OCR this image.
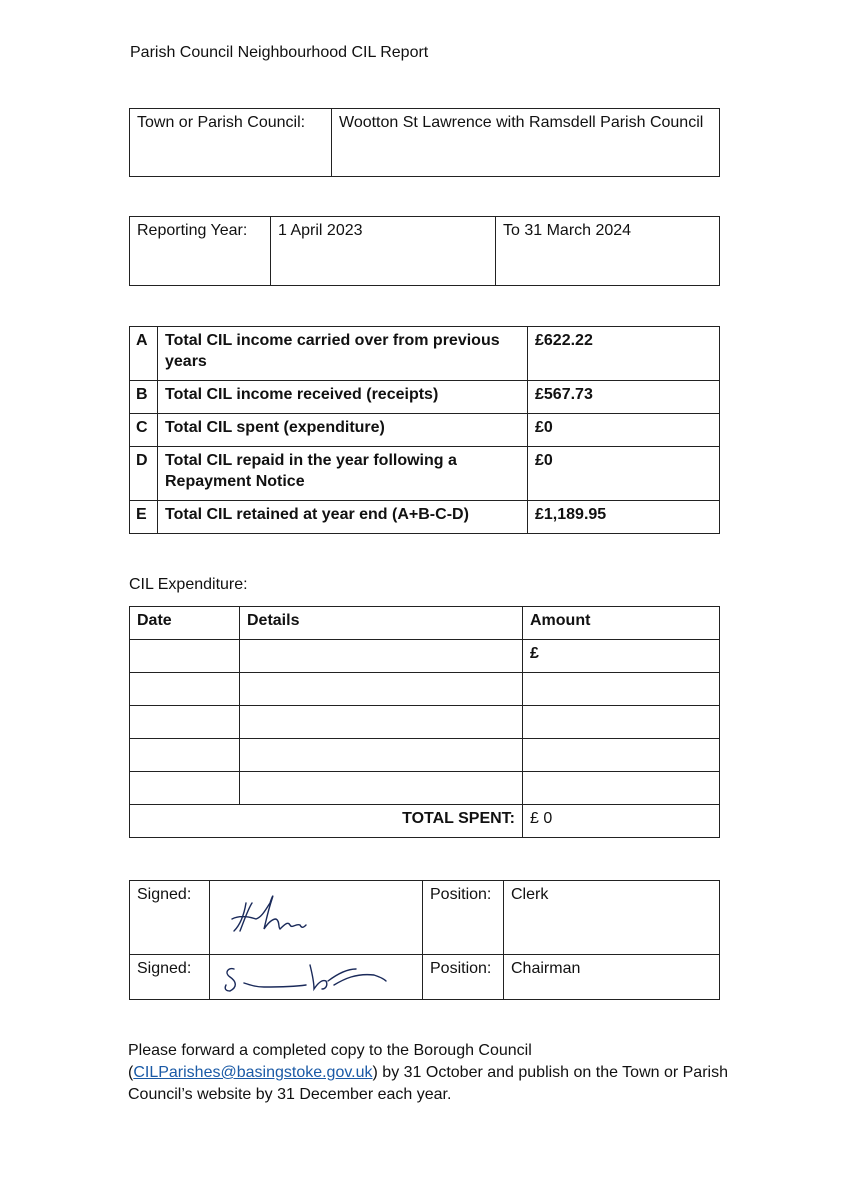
Parish Council Neighbourhood CIL Report
Town or Parish Council:	Wootton St Lawrence with Ramsdell Parish Council
Reporting Year:	1 April 2023	To 31 March 2024
A	Total CIL income carried over from previous years	£622.22
B	Total CIL income received (receipts)	£567.73
C	Total CIL spent (expenditure)	£0
D	Total CIL repaid in the year following a Repayment Notice	£0
E	Total CIL retained at year end (A+B-C-D)	£1,189.95
CIL Expenditure:
Date	Details	Amount
		£

TOTAL SPENT:		£ 0
Signed:		Position:	Clerk
Signed:		Position:	Chairman
Please forward a completed copy to the Borough Council
(CILParishes@basingstoke.gov.uk) by 31 October and publish on the Town or Parish Council’s website by 31 December each year.
